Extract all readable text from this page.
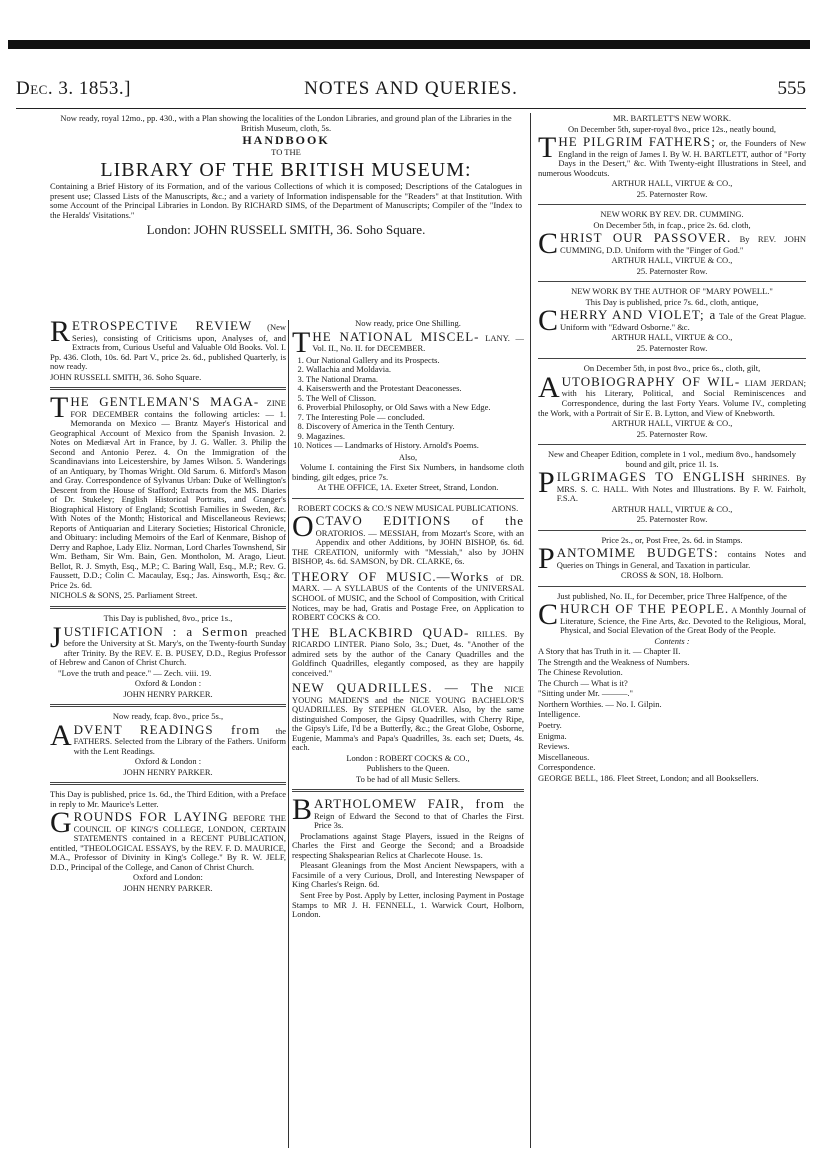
Dec. 3. 1853.]	NOTES AND QUERIES.	555

Now ready, royal 12mo., pp. 430., with a Plan showing the localities of the London Libraries, and ground plan of the Libraries in the British Museum, cloth, 5s.

HANDBOOK

TO THE

LIBRARY OF THE BRITISH MUSEUM:

Containing a Brief History of its Formation, and of the various Collections of which it is composed; Descriptions of the Catalogues in present use; Classed Lists of the Manuscripts, &c.; and a variety of Information indispensable for the "Readers" at that Institution. With some Account of the Principal Libraries in London. By RICHARD SIMS, of the Department of Manuscripts; Compiler of the "Index to the Heralds' Visitations."

London: JOHN RUSSELL SMITH, 36. Soho Square.

RETROSPECTIVE REVIEW (New Series), consisting of Criticisms upon, Analyses of, and Extracts from, Curious Useful and Valuable Old Books. Vol. I. Pp. 436. Cloth, 10s. 6d. Part V., price 2s. 6d., published Quarterly, is now ready.

JOHN RUSSELL SMITH, 36. Soho Square.

THE GENTLEMAN'S MAGA- ZINE FOR DECEMBER contains the following articles: — 1. Memoranda on Mexico — Brantz Mayer's Historical and Geographical Account of Mexico from the Spanish Invasion. 2. Notes on Mediæval Art in France, by J. G. Waller. 3. Philip the Second and Antonio Perez. 4. On the Immigration of the Scandinavians into Leicestershire, by James Wilson. 5. Wanderings of an Antiquary, by Thomas Wright. Old Sarum. 6. Mitford's Mason and Gray. Correspondence of Sylvanus Urban: Duke of Wellington's Descent from the House of Stafford; Extracts from the MS. Diaries of Dr. Stukeley; English Historical Portraits, and Granger's Biographical History of England; Scottish Families in Sweden, &c. With Notes of the Month; Historical and Miscellaneous Reviews; Reports of Antiquarian and Literary Societies; Historical Chronicle, and Obituary: including Memoirs of the Earl of Kenmare, Bishop of Derry and Raphoe, Lady Eliz. Norman, Lord Charles Townshend, Sir Wm. Betham, Sir Wm. Bain, Gen. Montholon, M. Arago, Lieut. Bellot, R. J. Smyth, Esq., M.P.; C. Baring Wall, Esq., M.P.; Rev. G. Faussett, D.D.; Colin C. Macaulay, Esq.; Jas. Ainsworth, Esq.; &c. Price 2s. 6d.

NICHOLS & SONS, 25. Parliament Street.

This Day is published, 8vo., price 1s.,

JUSTIFICATION : a Sermon preached before the University at St. Mary's, on the Twenty-fourth Sunday after Trinity. By the REV. E. B. PUSEY, D.D., Regius Professor of Hebrew and Canon of Christ Church.

"Love the truth and peace." — Zech. viii. 19.

Oxford & London :

JOHN HENRY PARKER.

Now ready, fcap. 8vo., price 5s.,

ADVENT READINGS from the FATHERS. Selected from the Library of the Fathers. Uniform with the Lent Readings.

Oxford & London :

JOHN HENRY PARKER.

This Day is published, price 1s. 6d., the Third Edition, with a Preface in reply to Mr. Maurice's Letter.

GROUNDS FOR LAYING BEFORE THE COUNCIL OF KING'S COLLEGE, LONDON, CERTAIN STATEMENTS contained in a RECENT PUBLICATION, entitled, "THEOLOGICAL ESSAYS, by the REV. F. D. MAURICE, M.A., Professor of Divinity in King's College." By R. W. JELF, D.D., Principal of the College, and Canon of Christ Church.

Oxford and London:

JOHN HENRY PARKER.

Now ready, price One Shilling.

THE NATIONAL MISCEL- LANY. — Vol. II., No. II. for DECEMBER.

1. Our National Gallery and its Prospects.
2. Wallachia and Moldavia.
3. The National Drama.
4. Kaiserswerth and the Protestant Deaconesses.
5. The Well of Clisson.
6. Proverbial Philosophy, or Old Saws with a New Edge.
7. The Interesting Pole — concluded.
8. Discovery of America in the Tenth Century.
9. Magazines.
10. Notices — Landmarks of History. Arnold's Poems.

Also,

Volume I. containing the First Six Numbers, in handsome cloth binding, gilt edges, price 7s.

At THE OFFICE, 1A. Exeter Street, Strand, London.

ROBERT COCKS & CO.'S NEW MUSICAL PUBLICATIONS.

OCTAVO EDITIONS of the ORATORIOS. — MESSIAH, from Mozart's Score, with an Appendix and other Additions, by JOHN BISHOP, 6s. 6d. THE CREATION, uniformly with "Messiah," also by JOHN BISHOP, 4s. 6d. SAMSON, by DR. CLARKE, 6s.

THEORY OF MUSIC.—Works of DR. MARX. — A SYLLABUS of the Contents of the UNIVERSAL SCHOOL of MUSIC, and the School of Composition, with Critical Notices, may be had, Gratis and Postage Free, on Application to ROBERT COCKS & CO.

THE BLACKBIRD QUAD- RILLES. By RICARDO LINTER. Piano Solo, 3s.; Duet, 4s. "Another of the admired sets by the author of the Canary Quadrilles and the Goldfinch Quadrilles, elegantly composed, as they are happily conceived."

NEW QUADRILLES. — The NICE YOUNG MAIDEN'S and the NICE YOUNG BACHELOR'S QUADRILLES. By STEPHEN GLOVER. Also, by the same distinguished Composer, the Gipsy Quadrilles, with Cherry Ripe, the Gipsy's Life, I'd be a Butterfly, &c.; the Great Globe, Osborne, Eugenie, Mamma's and Papa's Quadrilles, 3s. each set; Duets, 4s. each.

London : ROBERT COCKS & CO.,

Publishers to the Queen.

To be had of all Music Sellers.

BARTHOLOMEW FAIR, from the Reign of Edward the Second to that of Charles the First. Price 3s.

Proclamations against Stage Players, issued in the Reigns of Charles the First and George the Second; and a Broadside respecting Shakspearian Relics at Charlecote House. 1s.

Pleasant Gleanings from the Most Ancient Newspapers, with a Facsimile of a very Curious, Droll, and Interesting Newspaper of King Charles's Reign. 6d.

Sent Free by Post. Apply by Letter, inclosing Payment in Postage Stamps to MR J. H. FENNELL, 1. Warwick Court, Holborn, London.

MR. BARTLETT'S NEW WORK.

On December 5th, super-royal 8vo., price 12s., neatly bound,

THE PILGRIM FATHERS; or, the Founders of New England in the reign of James I. By W. H. BARTLETT, author of "Forty Days in the Desert," &c. With Twenty-eight Illustrations in Steel, and numerous Woodcuts.

ARTHUR HALL, VIRTUE & CO.,

25. Paternoster Row.

NEW WORK BY REV. DR. CUMMING.

On December 5th, in fcap., price 2s. 6d. cloth,

CHRIST OUR PASSOVER. By REV. JOHN CUMMING, D.D. Uniform with the "Finger of God."

ARTHUR HALL, VIRTUE & CO.,

25. Paternoster Row.

NEW WORK BY THE AUTHOR OF "MARY POWELL."

This Day is published, price 7s. 6d., cloth, antique,

CHERRY AND VIOLET; a Tale of the Great Plague. Uniform with "Edward Osborne." &c.

ARTHUR HALL, VIRTUE & CO.,

25. Paternoster Row.

On December 5th, in post 8vo., price 6s., cloth, gilt,

AUTOBIOGRAPHY OF WIL- LIAM JERDAN; with his Literary, Political, and Social Reminiscences and Correspondence, during the last Forty Years. Volume IV., completing the Work, with a Portrait of Sir E. B. Lytton, and View of Knebworth.

ARTHUR HALL, VIRTUE & CO.,

25. Paternoster Row.

New and Cheaper Edition, complete in 1 vol., medium 8vo., handsomely bound and gilt, price 1l. 1s.

PILGRIMAGES TO ENGLISH SHRINES. By MRS. S. C. HALL. With Notes and Illustrations. By F. W. Fairholt, F.S.A.

ARTHUR HALL, VIRTUE & CO.,

25. Paternoster Row.

Price 2s., or, Post Free, 2s. 6d. in Stamps.

PANTOMIME BUDGETS: contains Notes and Queries on Things in General, and Taxation in particular.

CROSS & SON, 18. Holborn.

Just published, No. II., for December, price Three Halfpence, of the

CHURCH OF THE PEOPLE. A Monthly Journal of Literature, Science, the Fine Arts, &c. Devoted to the Religious, Moral, Physical, and Social Elevation of the Great Body of the People.

Contents :

A Story that has Truth in it. — Chapter II.

The Strength and the Weakness of Numbers.

The Chinese Revolution.

The Church — What is it?

"Sitting under Mr. ———."

Northern Worthies. — No. I. Gilpin.

Intelligence.

Poetry.

Enigma.

Reviews.

Miscellaneous.

Correspondence.

GEORGE BELL, 186. Fleet Street, London; and all Booksellers.
